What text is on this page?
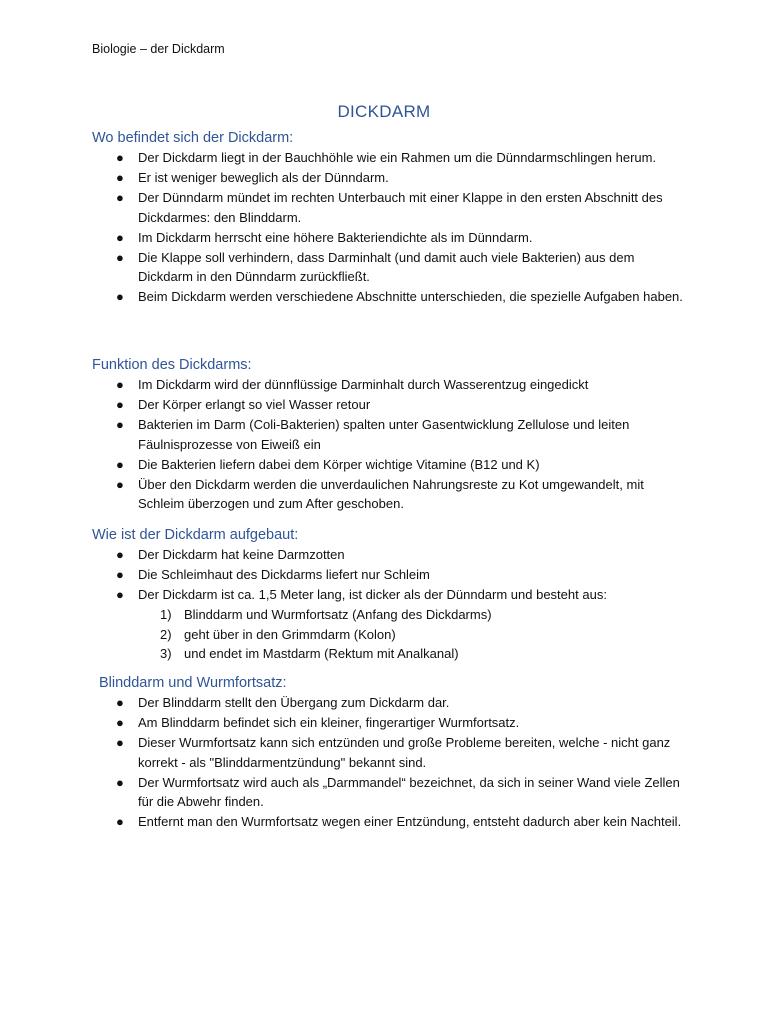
Biologie – der Dickdarm
DICKDARM
Wo befindet sich der Dickdarm:
● Der Dickdarm liegt in der Bauchhöhle wie ein Rahmen um die Dünndarmschlingen herum.
● Er ist weniger beweglich als der Dünndarm.
● Der Dünndarm mündet im rechten Unterbauch mit einer Klappe in den ersten Abschnitt des Dickdarmes: den Blinddarm.
● Im Dickdarm herrscht eine höhere Bakteriendichte als im Dünndarm.
● Die Klappe soll verhindern, dass Darminhalt (und damit auch viele Bakterien) aus dem Dickdarm in den Dünndarm zurückfließt.
● Beim Dickdarm werden verschiedene Abschnitte unterschieden, die spezielle Aufgaben haben.
Funktion des Dickdarms:
● Im Dickdarm wird der dünnflüssige Darminhalt durch Wasserentzug eingedickt
● Der Körper erlangt so viel Wasser retour
● Bakterien im Darm (Coli-Bakterien) spalten unter Gasentwicklung Zellulose und leiten Fäulnisprozesse von Eiweiß ein
● Die Bakterien liefern dabei dem Körper wichtige Vitamine (B12 und K)
● Über den Dickdarm werden die unverdaulichen Nahrungsreste zu Kot umgewandelt, mit Schleim überzogen und zum After geschoben.
Wie ist der Dickdarm aufgebaut:
● Der Dickdarm hat keine Darmzotten
● Die Schleimhaut des Dickdarms liefert nur Schleim
● Der Dickdarm ist ca. 1,5 Meter lang, ist dicker als der Dünndarm und besteht aus:
1) Blinddarm und Wurmfortsatz (Anfang des Dickdarms)
2) geht über in den Grimmdarm (Kolon)
3) und endet im Mastdarm (Rektum mit Analkanal)
Blinddarm und Wurmfortsatz:
● Der Blinddarm stellt den Übergang zum Dickdarm dar.
● Am Blinddarm befindet sich ein kleiner, fingerartiger Wurmfortsatz.
● Dieser Wurmfortsatz kann sich entzünden und große Probleme bereiten, welche - nicht ganz korrekt - als "Blinddarmentzündung" bekannt sind.
● Der Wurmfortsatz wird auch als „Darmmandel“ bezeichnet, da sich in seiner Wand viele Zellen für die Abwehr finden.
● Entfernt man den Wurmfortsatz wegen einer Entzündung, entsteht dadurch aber kein Nachteil.
